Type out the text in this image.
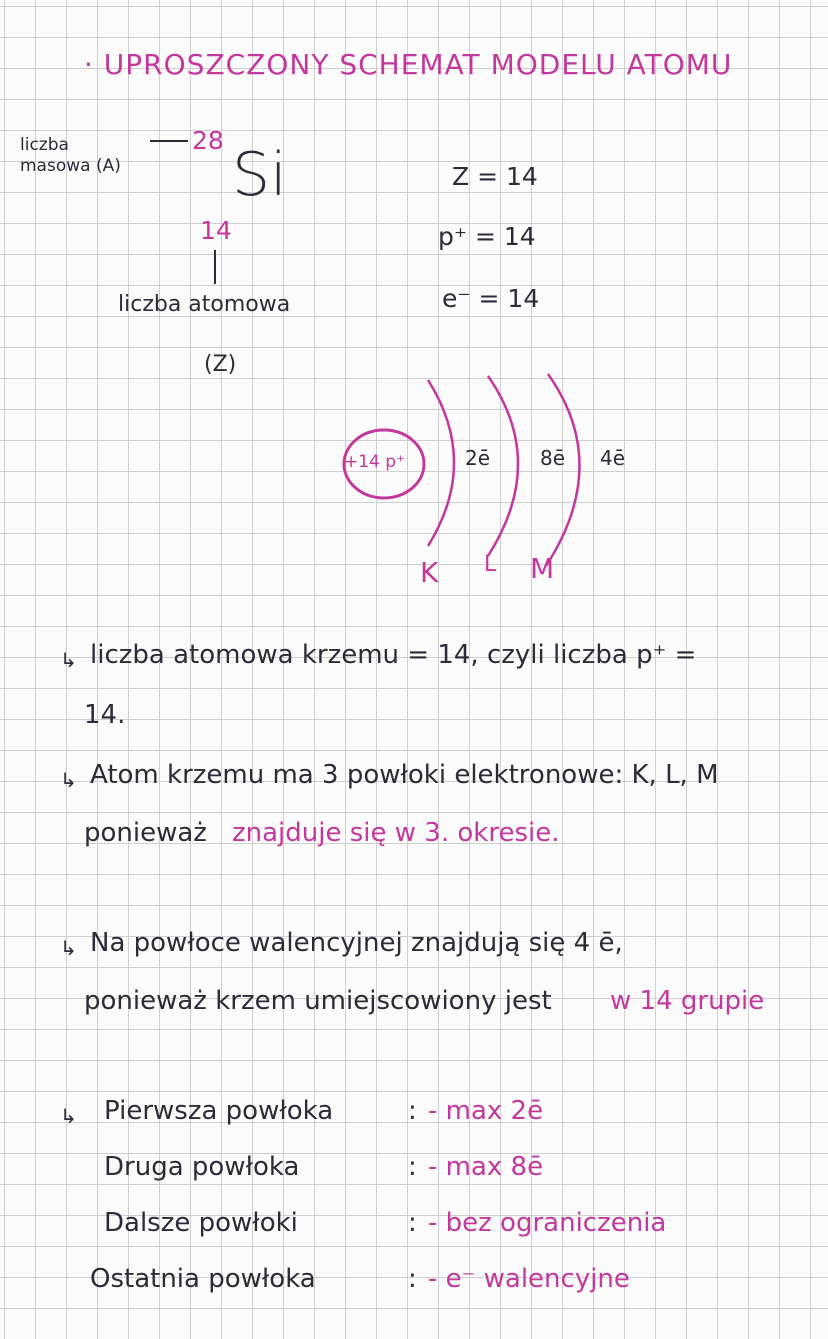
· UPROSZCZONY SCHEMAT MODELU ATOMU
liczba
masowa (A)
28 Si
14
liczba atomowa
(Z)
Z = 14
p⁺ = 14
e⁻ = 14
+14 p⁺	2ē 8ē 4ē
K L M
↳ liczba atomowa krzemu = 14, czyli liczba p⁺ =
14.
↳ Atom krzemu ma 3 powłoki elektronowe: K, L, M
ponieważ znajduje się w 3. okresie.
↳ Na powłoce walencyjnej znajdują się 4 ē,
ponieważ krzem umiejscowiony jest w 14 grupie
↳ Pierwsza powłoka	: - max 2ē
Druga powłoka	: - max 8ē
Dalsze powłoki	: - bez ograniczenia
Ostatnia powłoka	: - e⁻ walencyjne
